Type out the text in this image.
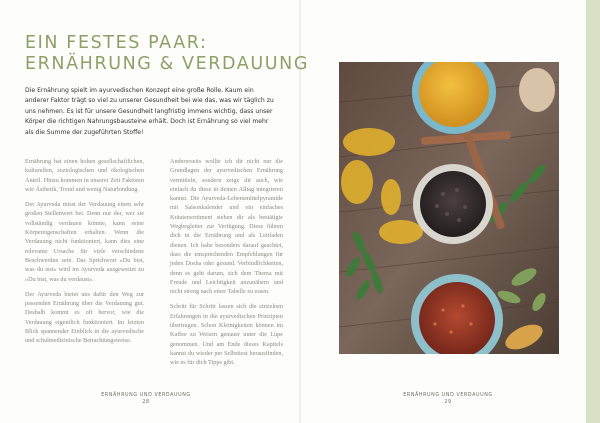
EIN FESTES PAAR:
ERNÄHRUNG & VERDAUUNG

Die Ernährung spielt im ayurvedischen Konzept eine große Rolle. Kaum ein anderer Faktor trägt so viel zu unserer Gesundheit bei wie das, was wir täglich zu uns nehmen. Es ist für unsere Gesundheit langfristig immens wichtig, dass unser Körper die richtigen Nahrungsbausteine erhält. Doch ist Ernährung so viel mehr als die Summe der zugeführten Stoffe!

Ernährung hat einen hohen gesellschaftlichen, kulturellen, soziologischen und ökologischen Anteil. Hinzu kommen in unserer Zeit Faktoren wie Ästhetik, Trend und wenig Naturbindung.

Der Ayurveda misst der Verdauung einen sehr großen Stellenwert bei. Denn nur der, wer sie vollständig verdauen könnte, kann seine Körpereigenschaften erhalten. Wenn die Verdauung nicht funktioniert, kann dies eine relevante Ursache für viele verschiedene Beschwerden sein. Das Sprichwort »Du bist, was du isst« wird im Ayurveda ausgeweitet zu »Du bist, was du verdaust«.

Der Ayurveda bietet uns dafür den Weg zur passenden Ernährung über die Verdauung gut. Deshalb kommt es oft hervor, wie die Verdauung eigentlich funktioniert. Im letzten Blick spannender Einblick in die ayurvedische und schulmedizinische Betrachtungsweise.

Andererseits wollte ich dir nicht nur die Grundlagen der ayurvedischen Ernährung vermitteln, sondern zeige dir auch, wie einfach du diese in deinen Alltag integrieren kannst. Die Ayurveda-Lebensmittelpyramide mit Saisonkalender und ein einfaches Kräutersortiment stehen dir als bestätigte Wegbegleiter zur Verfügung. Diese führen dich in die Ernährung und als Leitfaden dienen. Ich habe besonders darauf geachtet, dass die entsprechenden Empfehlungen für jeden Dosha oder gesund. Verbindlichkeiten, denn es geht darum, sich dem Thema mit Freude und Leichtigkeit anzunähern und nicht streng nach einer Tabelle zu essen.

Schritt für Schritt lassen sich die einzelnen Erfahrungen in die ayurvedischen Prinzipien übertragen. Schon Kleinigkeiten können im Kaffee zu Weisen genauer unter die Lupe genommen. Und am Ende dieses Kapitels kannst du wieder per Selbsttest herausfinden, wie es für dich Tipps gibt.

ERNÄHRUNG UND VERDAUUNG
28
ERNÄHRUNG UND VERDAUUNG
29
